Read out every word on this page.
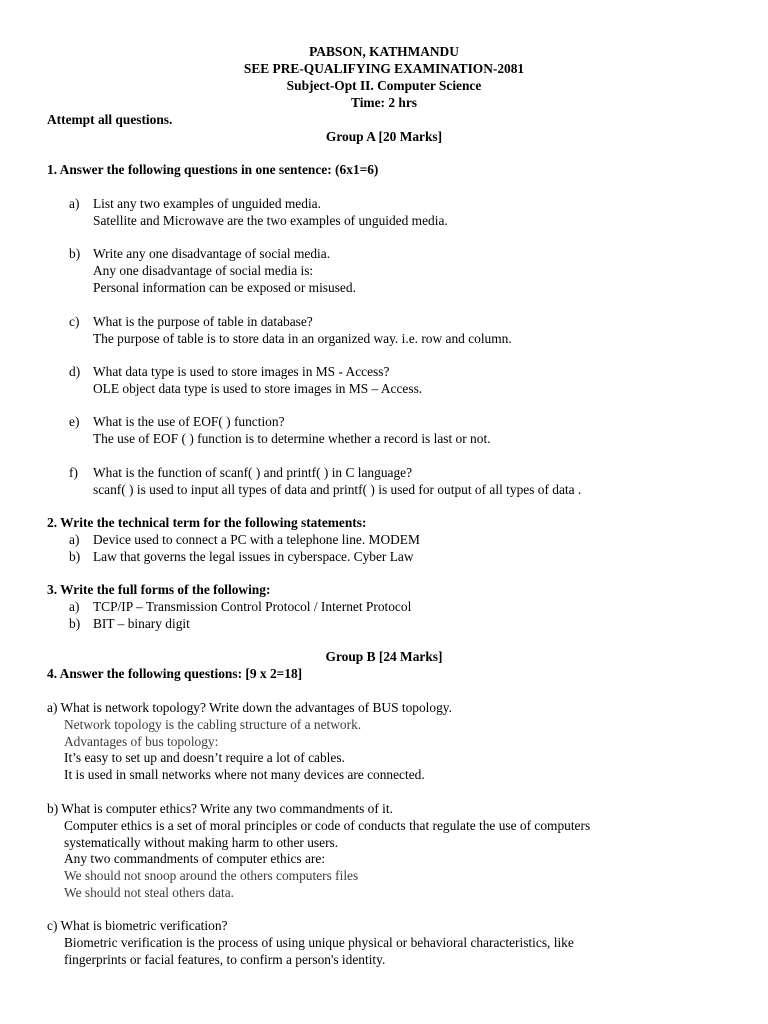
PABSON, KATHMANDU
SEE PRE-QUALIFYING EXAMINATION-2081
Subject-Opt II. Computer Science
Time: 2 hrs
Attempt all questions.
Group A [20 Marks]
1. Answer the following questions in one sentence: (6x1=6)
a) List any two examples of unguided media.
Satellite and Microwave are the two examples of unguided media.
b) Write any one disadvantage of social media.
Any one disadvantage of social media is:
Personal information can be exposed or misused.
c) What is the purpose of table in database?
The purpose of table is to store data in an organized way. i.e. row and column.
d) What data type is used to store images in MS - Access?
OLE object data type is used to store images in MS – Access.
e) What is the use of EOF( ) function?
The use of EOF ( ) function is to determine whether a record is last or not.
f) What is the function of scanf( ) and printf( ) in C language?
scanf( ) is used to input all types of data and printf( ) is used for output of all types of data .
2. Write the technical term for the following statements:
a) Device used to connect a PC with a telephone line. MODEM
b) Law that governs the legal issues in cyberspace. Cyber Law
3. Write the full forms of the following:
a) TCP/IP – Transmission Control Protocol / Internet Protocol
b) BIT – binary digit
Group B [24 Marks]
4. Answer the following questions: [9 x 2=18]
a) What is network topology? Write down the advantages of BUS topology.
Network topology is the cabling structure of a network.
Advantages of bus topology:
It’s easy to set up and doesn’t require a lot of cables.
It is used in small networks where not many devices are connected.
b) What is computer ethics? Write any two commandments of it.
Computer ethics is a set of moral principles or code of conducts that regulate the use of computers
systematically without making harm to other users.
Any two commandments of computer ethics are:
We should not snoop around the others computers files
We should not steal others data.
c) What is biometric verification?
Biometric verification is the process of using unique physical or behavioral characteristics, like
fingerprints or facial features, to confirm a person's identity.
